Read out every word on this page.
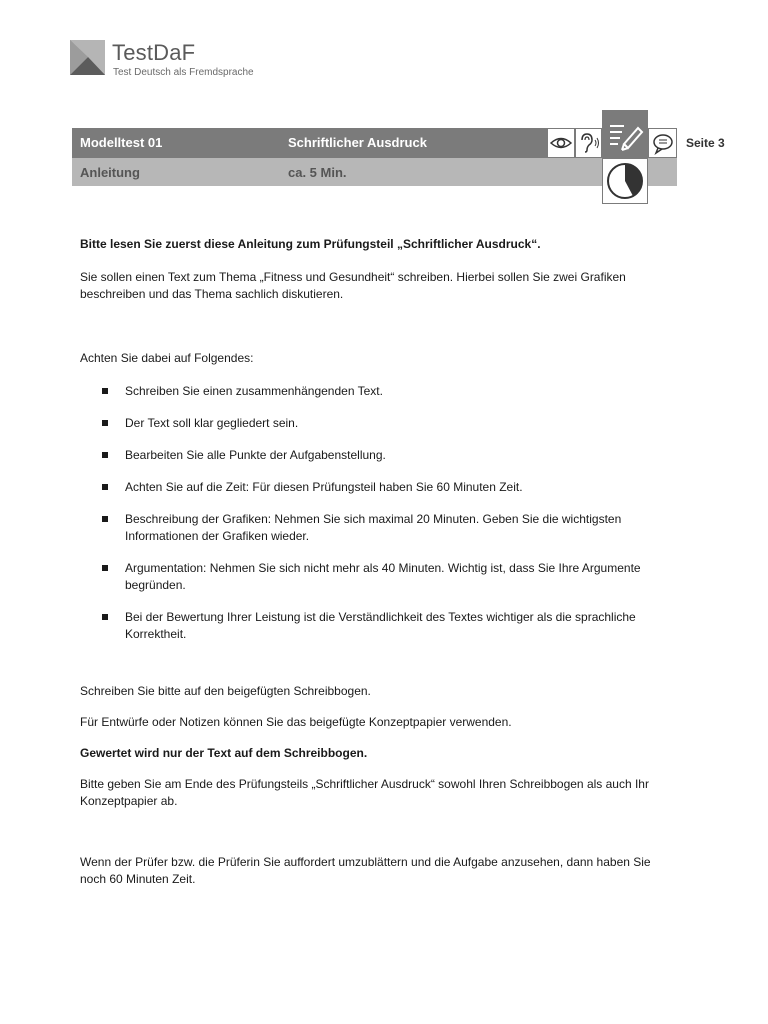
TestDaF
Test Deutsch als Fremdsprache
Modelltest 01	Schriftlicher Ausdruck
Anleitung	ca. 5 Min.
Seite 3

Bitte lesen Sie zuerst diese Anleitung zum Prüfungsteil „Schriftlicher Ausdruck“.

Sie sollen einen Text zum Thema „Fitness und Gesundheit“ schreiben. Hierbei sollen Sie zwei Grafiken beschreiben und das Thema sachlich diskutieren.

Achten Sie dabei auf Folgendes:

Schreiben Sie einen zusammenhängenden Text.
Der Text soll klar gegliedert sein.
Bearbeiten Sie alle Punkte der Aufgabenstellung.
Achten Sie auf die Zeit: Für diesen Prüfungsteil haben Sie 60 Minuten Zeit.
Beschreibung der Grafiken: Nehmen Sie sich maximal 20 Minuten. Geben Sie die wichtigsten Informationen der Grafiken wieder.
Argumentation: Nehmen Sie sich nicht mehr als 40 Minuten. Wichtig ist, dass Sie Ihre Argumente begründen.
Bei der Bewertung Ihrer Leistung ist die Verständlichkeit des Textes wichtiger als die sprachliche Korrektheit.

Schreiben Sie bitte auf den beigefügten Schreibbogen.

Für Entwürfe oder Notizen können Sie das beigefügte Konzeptpapier verwenden.

Gewertet wird nur der Text auf dem Schreibbogen.

Bitte geben Sie am Ende des Prüfungsteils „Schriftlicher Ausdruck“ sowohl Ihren Schreibbogen als auch Ihr Konzeptpapier ab.

Wenn der Prüfer bzw. die Prüferin Sie auffordert umzublättern und die Aufgabe anzusehen, dann haben Sie noch 60 Minuten Zeit.
